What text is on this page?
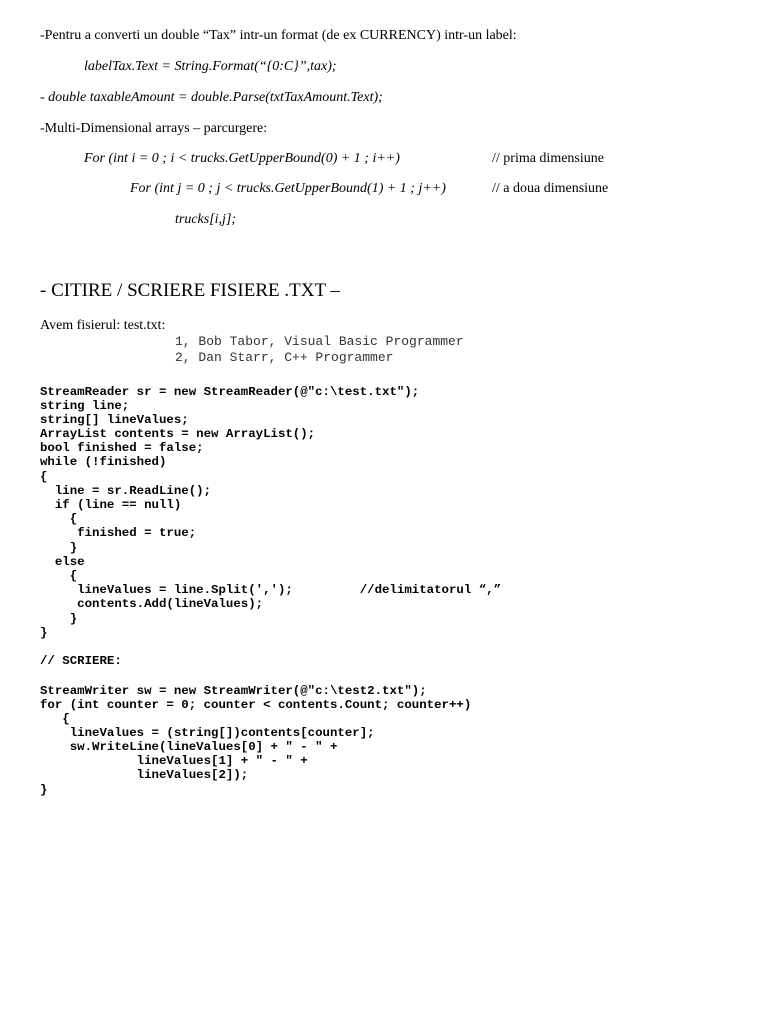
-Pentru a converti un double “Tax” intr-un format (de ex CURRENCY) intr-un label:
labelTax.Text = String.Format(“{0:C}”,tax);
- double taxableAmount = double.Parse(txtTaxAmount.Text);
-Multi-Dimensional arrays – parcurgere:
For (int i = 0 ; i < trucks.GetUpperBound(0) + 1 ; i++)	// prima dimensiune
For (int j = 0 ; j < trucks.GetUpperBound(1) + 1 ; j++)	// a doua dimensiune
trucks[i,j];
- CITIRE / SCRIERE FISIERE .TXT –
Avem fisierul: test.txt:
1, Bob Tabor, Visual Basic Programmer
2, Dan Starr, C++ Programmer
StreamReader sr = new StreamReader(@"c:\test.txt");
string line;
string[] lineValues;
ArrayList contents = new ArrayList();
bool finished = false;
while (!finished)
{
line = sr.ReadLine();
if (line == null)
{
finished = true;
}
else
{
lineValues = line.Split(',');         //delimitatorul “,”
contents.Add(lineValues);
}
}
// SCRIERE:
StreamWriter sw = new StreamWriter(@"c:\test2.txt");
for (int counter = 0; counter < contents.Count; counter++)
{
lineValues = (string[])contents[counter];
sw.WriteLine(lineValues[0] + " - " +
lineValues[1] + " - " +
lineValues[2]);
}
